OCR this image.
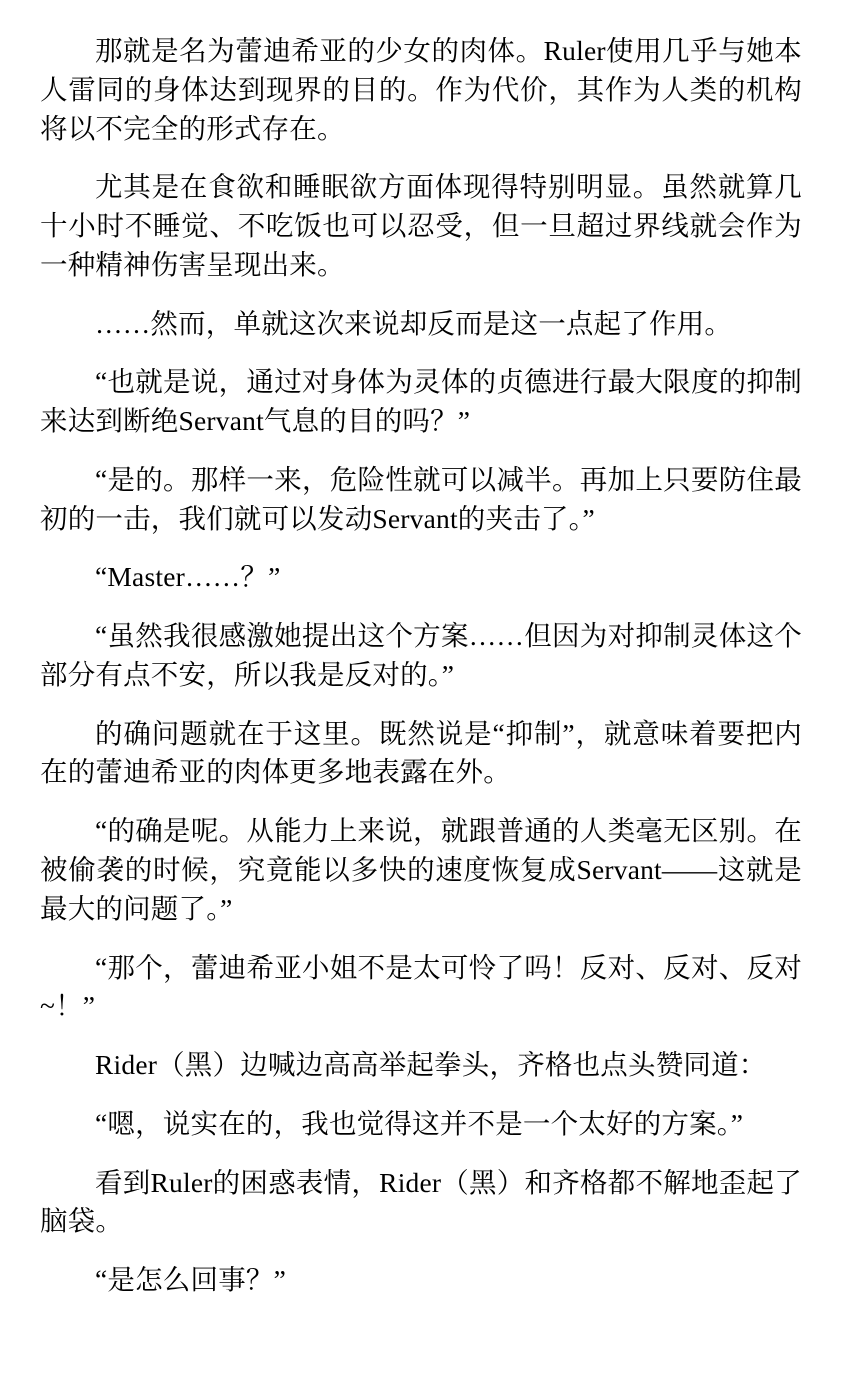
那就是名为蕾迪希亚的少女的肉体。Ruler使用几乎与她本人雷同的身体达到现界的目的。作为代价，其作为人类的机构将以不完全的形式存在。

尤其是在食欲和睡眠欲方面体现得特别明显。虽然就算几十小时不睡觉、不吃饭也可以忍受，但一旦超过界线就会作为一种精神伤害呈现出来。

……然而，单就这次来说却反而是这一点起了作用。

“也就是说，通过对身体为灵体的贞德进行最大限度的抑制来达到断绝Servant气息的目的吗？”

“是的。那样一来，危险性就可以减半。再加上只要防住最初的一击，我们就可以发动Servant的夹击了。”

“Master……？”

“虽然我很感激她提出这个方案……但因为对抑制灵体这个部分有点不安，所以我是反对的。”

的确问题就在于这里。既然说是“抑制”，就意味着要把内在的蕾迪希亚的肉体更多地表露在外。

“的确是呢。从能力上来说，就跟普通的人类毫无区别。在被偷袭的时候，究竟能以多快的速度恢复成Servant——这就是最大的问题了。”

“那个，蕾迪希亚小姐不是太可怜了吗！反对、反对、反对~！”

Rider（黑）边喊边高高举起拳头，齐格也点头赞同道：

“嗯，说实在的，我也觉得这并不是一个太好的方案。”

看到Ruler的困惑表情，Rider（黑）和齐格都不解地歪起了脑袋。

“是怎么回事？”
